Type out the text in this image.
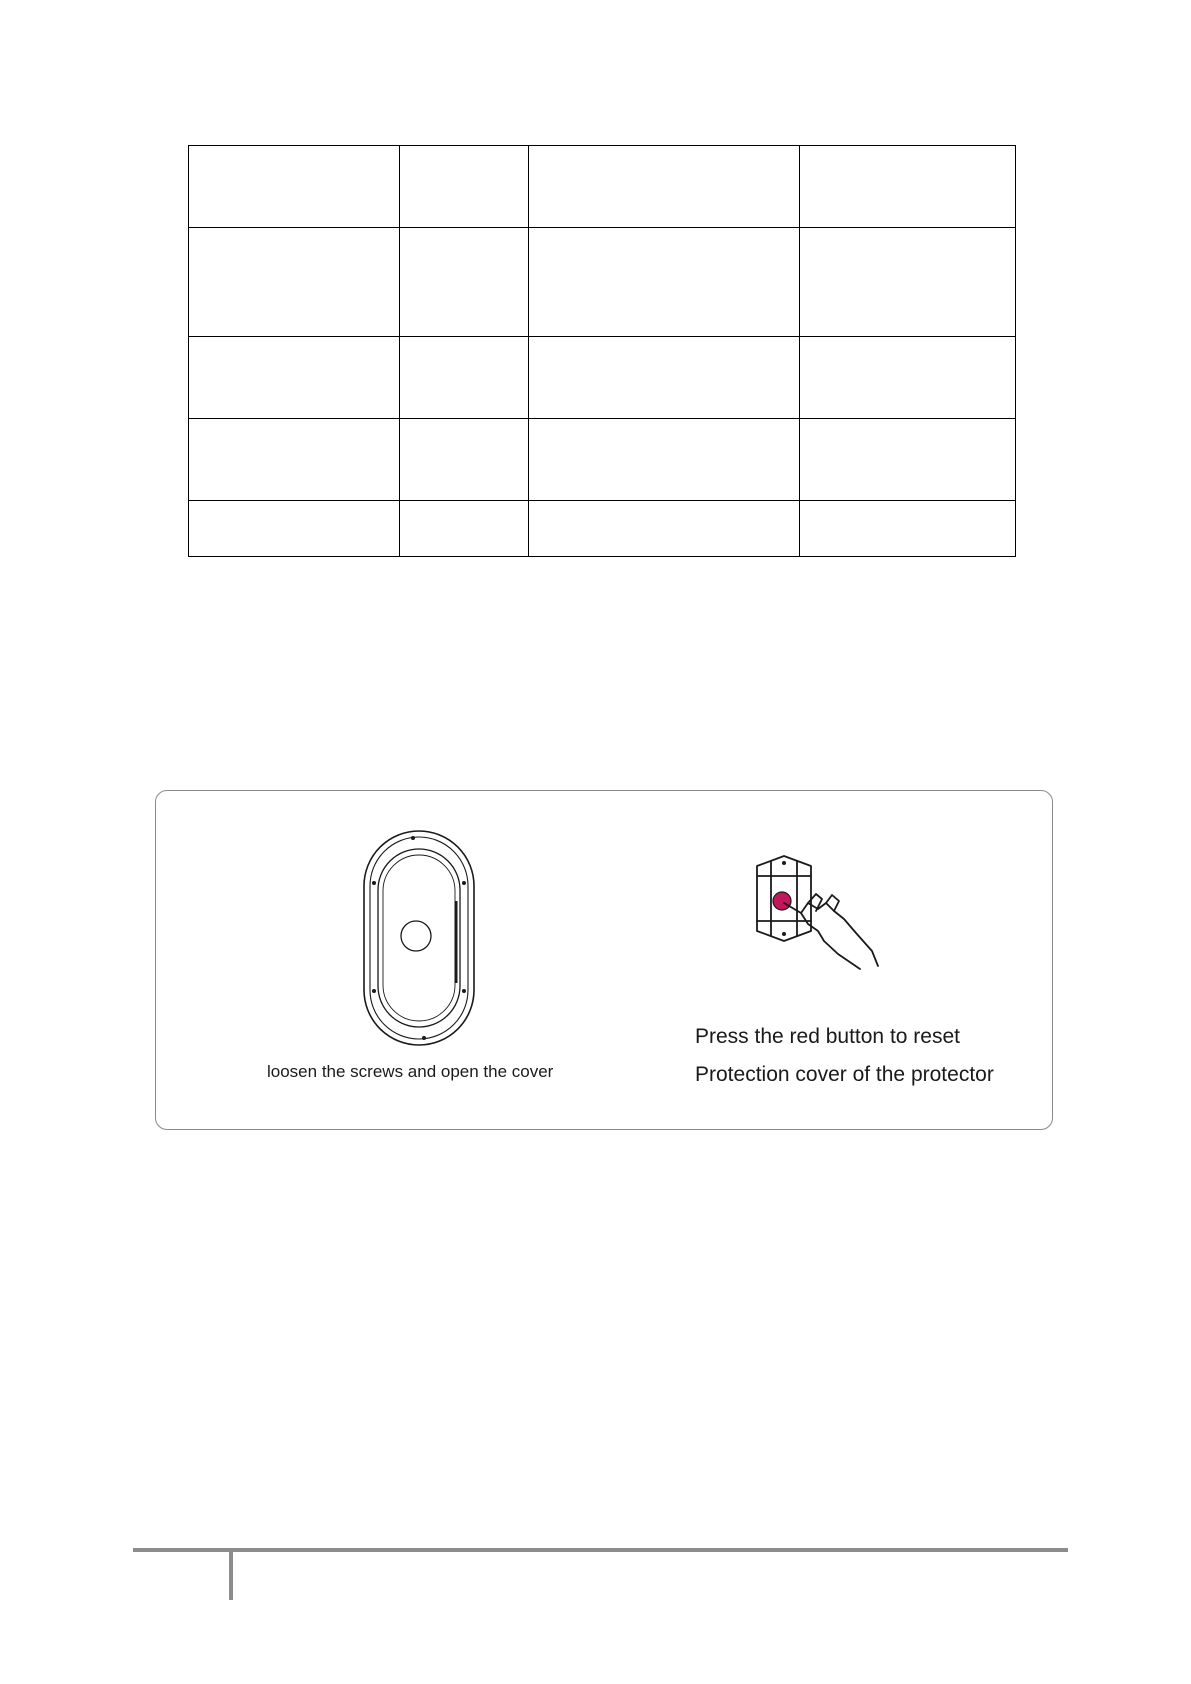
loosen the screws and open the cover
Press the red button to reset
Protection cover of the protector
